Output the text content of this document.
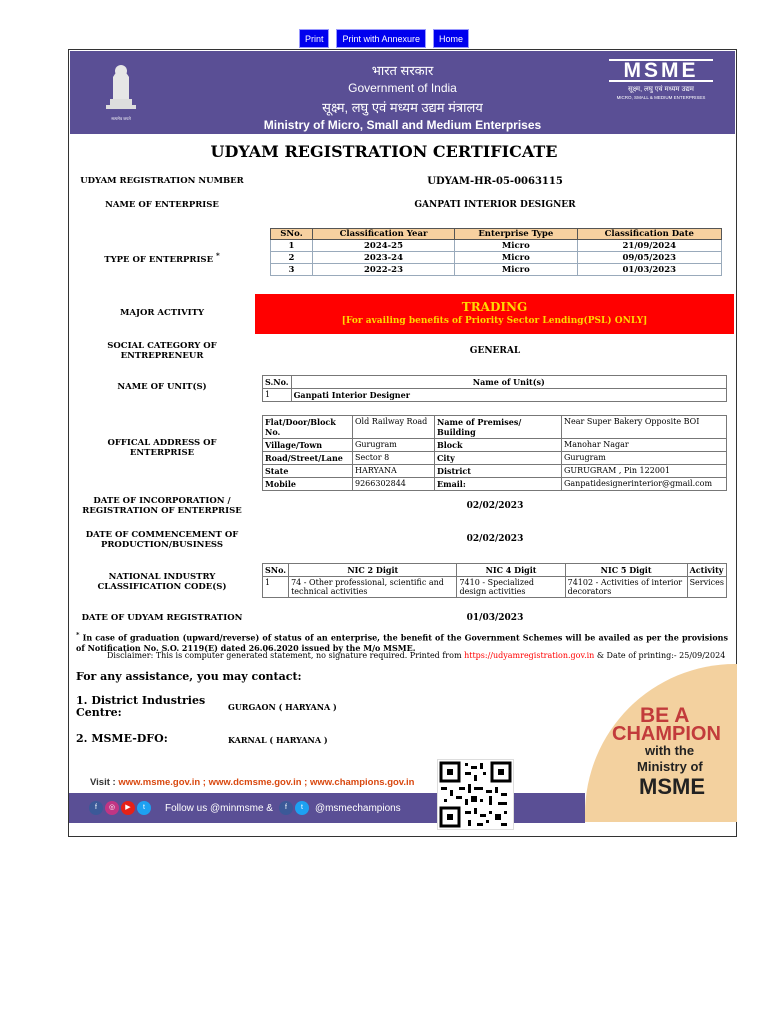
Print	Print with Annexure	Home
सत्यमेव जयते
भारत सरकार
Government of India
सूक्ष्म, लघु एवं मध्यम उद्यम मंत्रालय
Ministry of Micro, Small and Medium Enterprises
MSME
सूक्ष्म, लघु एवं मध्यम उद्यम
MICRO, SMALL & MEDIUM ENTERPRISES
UDYAM REGISTRATION CERTIFICATE
UDYAM REGISTRATION NUMBER	UDYAM-HR-05-0063115
NAME OF ENTERPRISE	GANPATI INTERIOR DESIGNER
TYPE OF ENTERPRISE *
SNo.	Classification Year	Enterprise Type	Classification Date
1	2024-25	Micro	21/09/2024
2	2023-24	Micro	09/05/2023
3	2022-23	Micro	01/03/2023
MAJOR ACTIVITY	TRADING
[For availing benefits of Priority Sector Lending(PSL) ONLY]
SOCIAL CATEGORY OF ENTREPRENEUR	GENERAL
NAME OF UNIT(S)	S.No.	Name of Unit(s)
1	Ganpati Interior Designer
OFFICAL ADDRESS OF ENTERPRISE
Flat/Door/Block No.	Old Railway Road	Name of Premises/ Building	Near Super Bakery Opposite BOI
Village/Town	Gurugram	Block	Manohar Nagar
Road/Street/Lane	Sector 8	City	Gurugram
State	HARYANA	District	GURUGRAM , Pin 122001
Mobile	9266302844	Email:	Ganpatidesignerinterior@gmail.com
DATE OF INCORPORATION / REGISTRATION OF ENTERPRISE	02/02/2023
DATE OF COMMENCEMENT OF PRODUCTION/BUSINESS
02/02/2023
NATIONAL INDUSTRY CLASSIFICATION CODE(S)
SNo.	NIC 2 Digit	NIC 4 Digit	NIC 5 Digit	Activity
1	74 - Other professional, scientific and technical activities	7410 - Specialized design activities	74102 - Activities of interior decorators	Services
DATE OF UDYAM REGISTRATION	01/03/2023
* In case of graduation (upward/reverse) of status of an enterprise, the benefit of the Government Schemes will be availed as per the provisions of Notification No. S.O. 2119(E) dated 26.06.2020 issued by the M/o MSME.
Disclaimer: This is computer generated statement, no signature required. Printed from https://udyamregistration.gov.in & Date of printing:- 25/09/2024
For any assistance, you may contact:
1. District Industries Centre:	GURGAON ( HARYANA )
2. MSME-DFO:	KARNAL ( HARYANA )
BE A
CHAMPION
with the
Ministry of
MSME
Visit : www.msme.gov.in ; www.dcmsme.gov.in ; www.champions.gov.in
f	◎	▶	t	Follow us @minmsme &	f	t	@msmechampions
